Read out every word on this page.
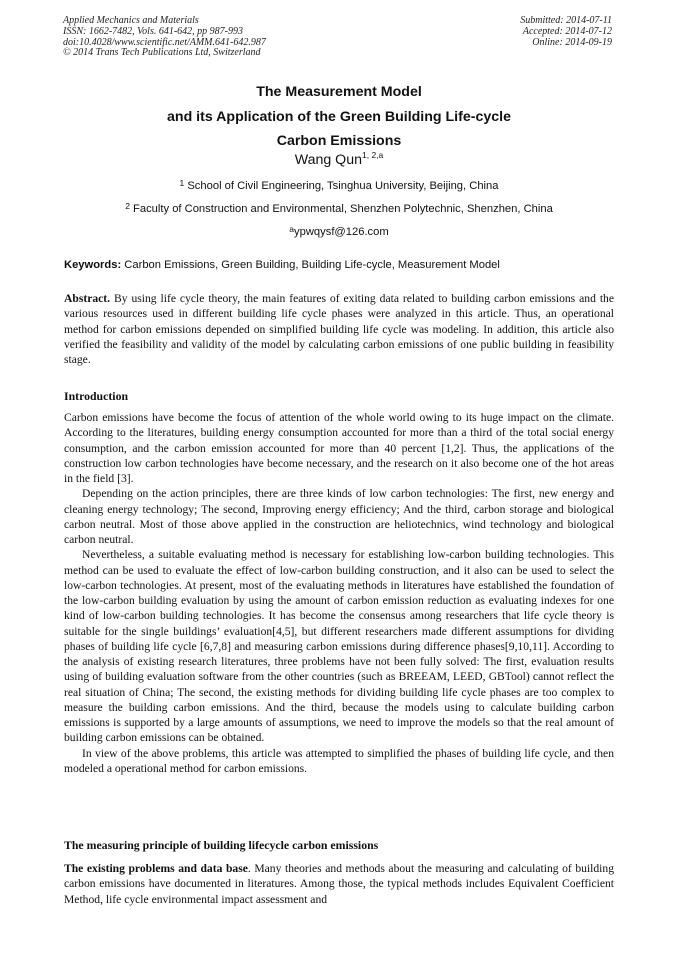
Applied Mechanics and Materials
ISSN: 1662-7482, Vols. 641-642, pp 987-993
doi:10.4028/www.scientific.net/AMM.641-642.987
© 2014 Trans Tech Publications Ltd, Switzerland
Submitted: 2014-07-11
Accepted: 2014-07-12
Online: 2014-09-19
The Measurement Model
and its Application of the Green Building Life-cycle
Carbon Emissions
Wang Qun$^{1, 2,a}$
$^1$ School of Civil Engineering, Tsinghua University, Beijing, China
$^2$ Faculty of Construction and Environmental, Shenzhen Polytechnic, Shenzhen, China
$^a$ypwqysf@126.com
Keywords: Carbon Emissions, Green Building, Building Life-cycle, Measurement Model
Abstract. By using life cycle theory, the main features of exiting data related to building carbon emissions and the various resources used in different building life cycle phases were analyzed in this article. Thus, an operational method for carbon emissions depended on simplified building life cycle was modeling. In addition, this article also verified the feasibility and validity of the model by calculating carbon emissions of one public building in feasibility stage.
Introduction

Carbon emissions have become the focus of attention of the whole world owing to its huge impact on the climate. According to the literatures, building energy consumption accounted for more than a third of the total social energy consumption, and the carbon emission accounted for more than 40 percent [1,2]. Thus, the applications of the construction low carbon technologies have become necessary, and the research on it also become one of the hot areas in the field [3].

Depending on the action principles, there are three kinds of low carbon technologies: The first, new energy and cleaning energy technology; The second, Improving energy efficiency; And the third, carbon storage and biological carbon neutral. Most of those above applied in the construction are heliotechnics, wind technology and biological carbon neutral.

Nevertheless, a suitable evaluating method is necessary for establishing low-carbon building technologies. This method can be used to evaluate the effect of low-carbon building construction, and it also can be used to select the low-carbon technologies. At present, most of the evaluating methods in literatures have established the foundation of the low-carbon building evaluation by using the amount of carbon emission reduction as evaluating indexes for one kind of low-carbon building technologies. It has become the consensus among researchers that life cycle theory is suitable for the single buildings’ evaluation[4,5], but different researchers made different assumptions for dividing phases of building life cycle [6,7,8] and measuring carbon emissions during difference phases[9,10,11]. According to the analysis of existing research literatures, three problems have not been fully solved: The first, evaluation results using of building evaluation software from the other countries (such as BREEAM, LEED, GBTool) cannot reflect the real situation of China; The second, the existing methods for dividing building life cycle phases are too complex to measure the building carbon emissions. And the third, because the models using to calculate building carbon emissions is supported by a large amounts of assumptions, we need to improve the models so that the real amount of building carbon emissions can be obtained.

In view of the above problems, this article was attempted to simplified the phases of building life cycle, and then modeled a operational method for carbon emissions.

The measuring principle of building lifecycle carbon emissions
The existing problems and data base. Many theories and methods about the measuring and calculating of building carbon emissions have documented in literatures. Among those, the typical methods includes Equivalent Coefficient Method, life cycle environmental impact assessment and
